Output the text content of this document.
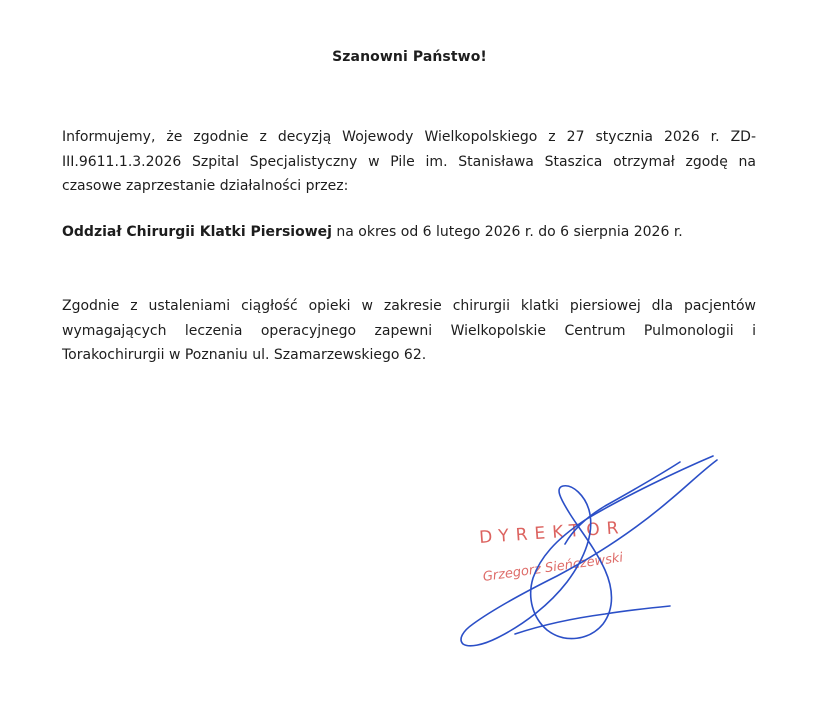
Szanowni Państwo!
Informujemy, że zgodnie z decyzją Wojewody Wielkopolskiego z 27 stycznia 2026 r. ZD-III.9611.1.3.2026 Szpital Specjalistyczny w Pile im. Stanisława Staszica otrzymał zgodę na czasowe zaprzestanie działalności przez:
Oddział Chirurgii Klatki Piersiowej na okres od 6 lutego 2026 r. do 6 sierpnia 2026 r.
Zgodnie z ustaleniami ciągłość opieki w zakresie chirurgii klatki piersiowej dla pacjentów wymagających leczenia operacyjnego zapewni Wielkopolskie Centrum Pulmonologii i Torakochirurgii w Poznaniu ul. Szamarzewskiego 62.
DYREKTOR
Grzegorz Sieńczewski
